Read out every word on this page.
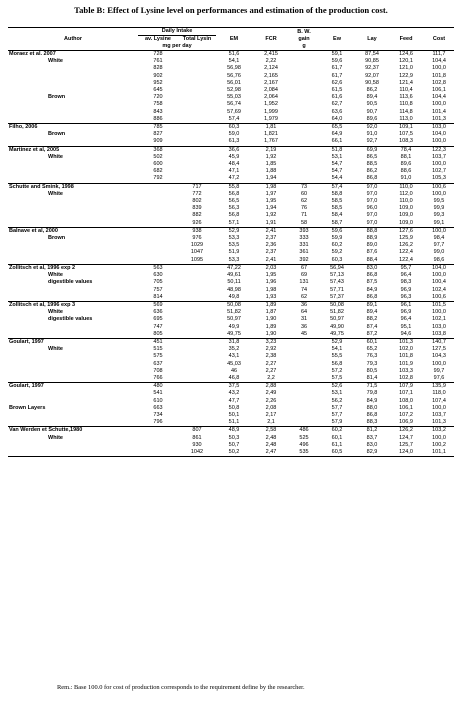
Table B: Effect of Lysine level on performances and estimation of the production cost.
	Daily Intake				B. W.				
Author	av. Lysine	Total Lysin	EM	FCR	gain	Ew	Lay	Feed	Cost
	mg per day				g				
Moraez et al. 2007	728		51,6	2,415		59,1	87,54	124,6	111,7
White	761		54,1	2,22		59,6	90,85	120,1	104,4
	828		56,98	2,124		61,7	92,37	121,0	100,0
	902		56,76	2,165		61,7	92,07	122,9	101,8
	952		56,01	2,167		62,6	90,58	121,4	102,8
	645		52,98	2,084		61,5	86,2	110,4	106,1
Brown	720		55,03	2,064		61,6	89,4	113,6	104,4
	758		56,74	1,952		62,7	90,5	110,8	100,0
	843		57,69	1,999		63,6	90,7	114,8	101,4
	886		57,4	1,979		64,0	89,6	113,0	101,3
Filho, 2006	785		60,3	1,81		65,5	92,0	109,1	103,0
Brown	827		59,0	1,821		64,9	91,0	107,5	104,0
	909		61,3	1,767		66,1	92,7	108,3	100,0
Martinez et al, 2005	368		36,6	2,19		51,8	69,9	78,4	122,3
White	502		45,9	1,92		53,1	86,5	88,1	103,7
	600		48,4	1,85		54,7	88,5	89,6	100,0
	682		47,1	1,88		54,7	86,2	88,6	102,7
	792		47,2	1,94		54,4	86,8	91,0	105,3
Schutte and Smink, 1998		717	55,8	1,98	73	57,4	97,0	110,0	100,6
White		772	56,8	1,97	60	58,8	97,0	112,0	100,0
		802	56,5	1,95	62	58,5	97,0	110,0	99,5
		839	56,3	1,94	76	58,5	96,0	109,0	99,9
		882	56,8	1,92	71	58,4	97,0	109,0	99,3
		926	57,1	1,91	58	58,7	97,0	109,0	99,1
Balnave et al, 2000		938	52,9	2,41	393	59,6	88,8	127,6	100,0
Brown		976	53,3	2,37	333	59,9	88,9	125,9	98,4
		1029	53,5	2,36	331	60,2	89,0	126,2	97,7
		1047	51,9	2,37	361	59,2	87,6	122,4	99,0
		1095	53,3	2,41	392	60,3	88,4	122,4	98,6
Zollitsch et al, 1996 exp 2	563		47,22	2,03	67	56,94	83,0	95,7	104,0
White	630		49,61	1,95	69	57,13	86,8	96,4	100,0
digestible values	705		50,11	1,96	131	57,43	87,5	98,3	100,4
	757		48,98	1,98	74	57,71	84,9	96,9	102,4
	814		49,8	1,93	62	57,37	86,8	96,3	100,6
Zollitsch et al, 1996 exp 3	569		50,08	1,89	36	50,08	89,1	96,1	101,5
White	636		51,82	1,87	64	51,82	89,4	96,9	100,0
digestible values	695		50,97	1,90	31	50,97	88,2	96,4	102,1
	747		49,9	1,89	36	49,90	87,4	95,1	103,0
	805		49,75	1,90	45	49,75	87,2	94,6	103,8
Goulart, 1997	451		31,8	3,23		52,9	60,1	101,3	140,7
White	515		35,2	2,92		54,1	65,2	102,0	127,5
	575		43,1	2,38		55,5	76,3	101,8	104,3
	637		45,03	2,27		56,8	79,3	101,9	100,0
	708		46	2,27		57,2	80,5	103,3	99,7
	766		46,8	2,2		57,5	81,4	102,8	97,6
Goulart, 1997	480		37,5	2,88		52,6	71,5	107,9	135,9
	541		43,2	2,49		53,1	79,8	107,1	118,0
	610		47,7	2,26		56,2	84,9	108,0	107,4
Brown Layers	663		50,8	2,08		57,7	88,0	106,1	100,0
	734		50,1	2,17		57,7	86,8	107,2	103,7
	796		51,1	2,1		57,9	88,3	106,9	101,3
Van Werden et Schutte,1980		807	48,9	2,58	486	60,2	81,2	126,2	103,2
White		861	50,3	2,48	525	60,1	83,7	124,7	100,0
		930	50,7	2,48	496	61,1	83,0	125,7	100,2
		1042	50,2	2,47	535	60,5	82,9	124,0	101,1
Rem.: Base 100.0 for cost of production corresponds to the requirement define by the researcher.
